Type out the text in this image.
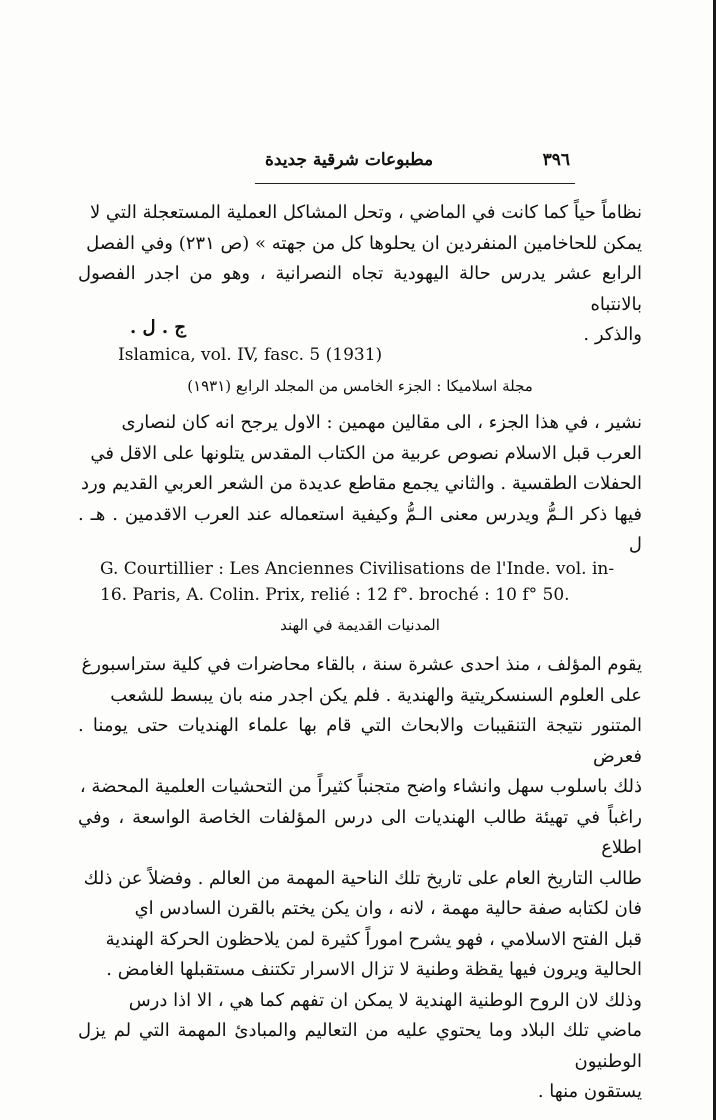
٣٩٦
مطبوعات شرقية جديدة

نظاماً حياً كما كانت في الماضي ، وتحل المشاكل العملية المستعجلة التي لا

يمكن للحاخامين المنفردين ان يحلوها كل من جهته » (ص ٢٣١) وفي الفصل

الرابع عشر يدرس حالة اليهودية تجاه النصرانية ، وهو من اجدر الفصول بالانتباه

والذكر .

ج . ل .
Islamica, vol. IV, fasc. 5 (1931)
مجلة اسلاميكا : الجزء الخامس من المجلد الرابع (١٩٣١)

نشير ، في هذا الجزء ، الى مقالين مهمين : الاول يرجح انه كان لنصارى

العرب قبل الاسلام نصوص عربية من الكتاب المقدس يتلونها على الاقل في

الحفلات الطقسية . والثاني يجمع مقاطع عديدة من الشعر العربي القديم ورد

فيها ذكر الـمُّ ويدرس معنى الـمُّ وكيفية استعماله عند العرب الاقدمين . هـ . ل

G. Courtillier : Les Anciennes Civilisations de l'Inde. vol. in-
16. Paris, A. Colin. Prix, relié : 12 f°. broché : 10 f° 50.
المدنيات القديمة في الهند

يقوم المؤلف ، منذ احدى عشرة سنة ، بالقاء محاضرات في كلية ستراسبورغ

على العلوم السنسكريتية والهندية . فلم يكن اجدر منه بان يبسط للشعب

المتنور نتيجة التنقيبات والابحاث التي قام بها علماء الهنديات حتى يومنا . فعرض

ذلك باسلوب سهل وانشاء واضح متجنباً كثيراً من التحشيات العلمية المحضة ،

راغباً في تهيئة طالب الهنديات الى درس المؤلفات الخاصة الواسعة ، وفي اطلاع

طالب التاريخ العام على تاريخ تلك الناحية المهمة من العالم . وفضلاً عن ذلك

فان لكتابه صفة حالية مهمة ، لانه ، وان يكن يختم بالقرن السادس اي

قبل الفتح الاسلامي ، فهو يشرح اموراً كثيرة لمن يلاحظون الحركة الهندية

الحالية ويرون فيها يقظة وطنية لا تزال الاسرار تكتنف مستقبلها الغامض .

وذلك لان الروح الوطنية الهندية لا يمكن ان تفهم كما هي ، الا اذا درس

ماضي تلك البلاد وما يحتوي عليه من التعاليم والمبادئ المهمة التي لم يزل الوطنيون

يستقون منها .
